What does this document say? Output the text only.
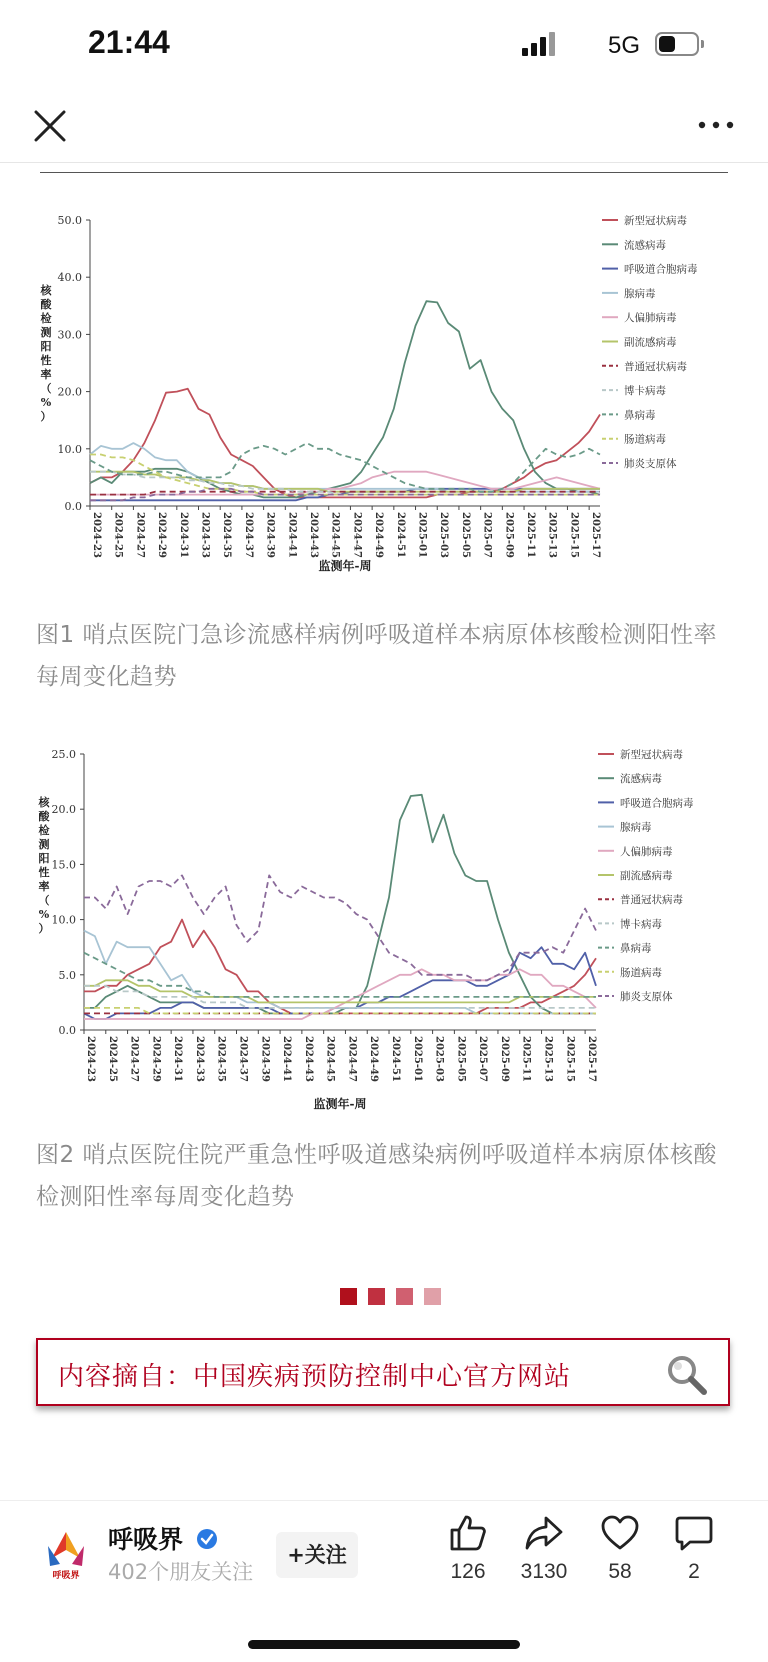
21:44	5G
0.0
10.0
20.0
30.0
40.0
50.0
2024-23 2024-25 2024-27 2024-29 2024-31 2024-33 2024-35 2024-37 2024-39 2024-41 2024-43 2024-45 2024-47 2024-49 2024-51 2025-01 2025-03 2025-05 2025-07 2025-09 2025-11 2025-13 2025-15 2025-17
核酸检测阳性率（%）
监测年-周
新型冠状病毒
流感病毒
呼吸道合胞病毒
腺病毒
人偏肺病毒
副流感病毒
普通冠状病毒
博卡病毒
鼻病毒
肠道病毒
肺炎支原体
图1 哨点医院门急诊流感样病例呼吸道样本病原体核酸检测阳性率每周变化趋势
0.0
5.0
10.0
15.0
20.0
25.0
2024-23 2024-25 2024-27 2024-29 2024-31 2024-33 2024-35 2024-37 2024-39 2024-41 2024-43 2024-45 2024-47 2024-49 2024-51 2025-01 2025-03 2025-05 2025-07 2025-09 2025-11 2025-13 2025-15 2025-17
核酸检测阳性率（%）
监测年-周
新型冠状病毒
流感病毒
呼吸道合胞病毒
腺病毒
人偏肺病毒
副流感病毒
普通冠状病毒
博卡病毒
鼻病毒
肠道病毒
肺炎支原体
图2 哨点医院住院严重急性呼吸道感染病例呼吸道样本病原体核酸检测阳性率每周变化趋势
内容摘自：中国疾病预防控制中心官方网站
呼吸界
呼吸界
402个朋友关注
+关注
126	3130	58	2
